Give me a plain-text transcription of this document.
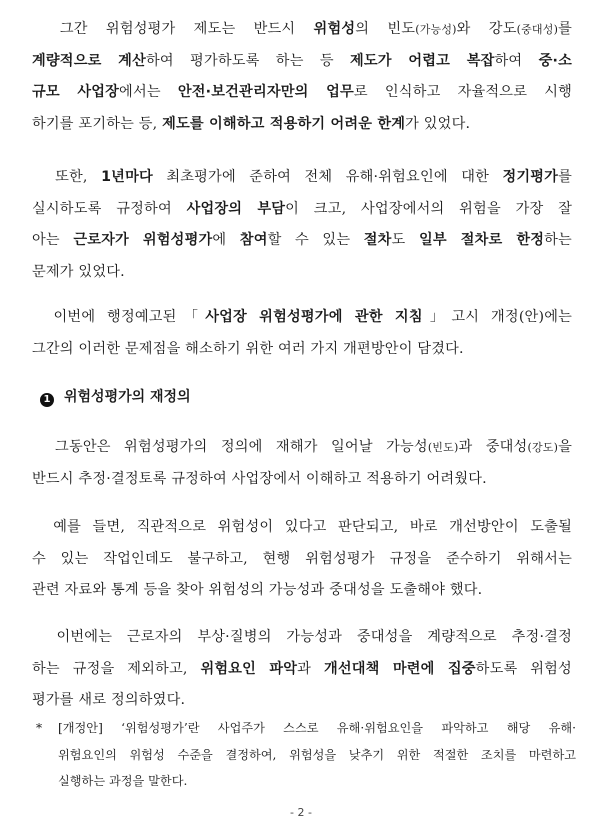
　그간 위험성평가 제도는 반드시 위험성의 빈도(가능성)와 강도(중대성)를
계량적으로 계산하여 평가하도록 하는 등 제도가 어렵고 복잡하여 중·소
규모 사업장에서는 안전·보건관리자만의 업무로 인식하고 자율적으로 시행
하기를 포기하는 등, 제도를 이해하고 적용하기 어려운 한계가 있었다.
　또한, 1년마다 최초평가에 준하여 전체 유해·위험요인에 대한 정기평가를
실시하도록 규정하여 사업장의 부담이 크고, 사업장에서의 위험을 가장 잘
아는 근로자가 위험성평가에 참여할 수 있는 절차도 일부 절차로 한정하는
문제가 있었다.
　이번에 행정예고된「사업장 위험성평가에 관한 지침」고시 개정(안)에는
그간의 이러한 문제점을 해소하기 위한 여러 가지 개편방안이 담겼다.
1 위험성평가의 재정의
　그동안은 위험성평가의 정의에 재해가 일어날 가능성(빈도)과 중대성(강도)을
반드시 추정·결정토록 규정하여 사업장에서 이해하고 적용하기 어려웠다.
　예를 들면, 직관적으로 위험성이 있다고 판단되고, 바로 개선방안이 도출될
수 있는 작업인데도 불구하고, 현행 위험성평가 규정을 준수하기 위해서는
관련 자료와 통계 등을 찾아 위험성의 가능성과 중대성을 도출해야 했다.
　이번에는 근로자의 부상·질병의 가능성과 중대성을 계량적으로 추정·결정
하는 규정을 제외하고, 위험요인 파악과 개선대책 마련에 집중하도록 위험성
평가를 새로 정의하였다.
* [개정안] ‘위험성평가’란 사업주가 스스로 유해·위험요인을 파악하고 해당 유해·
위험요인의 위험성 수준을 결정하여, 위험성을 낮추기 위한 적절한 조치를 마련하고
실행하는 과정을 말한다.
- 2 -
